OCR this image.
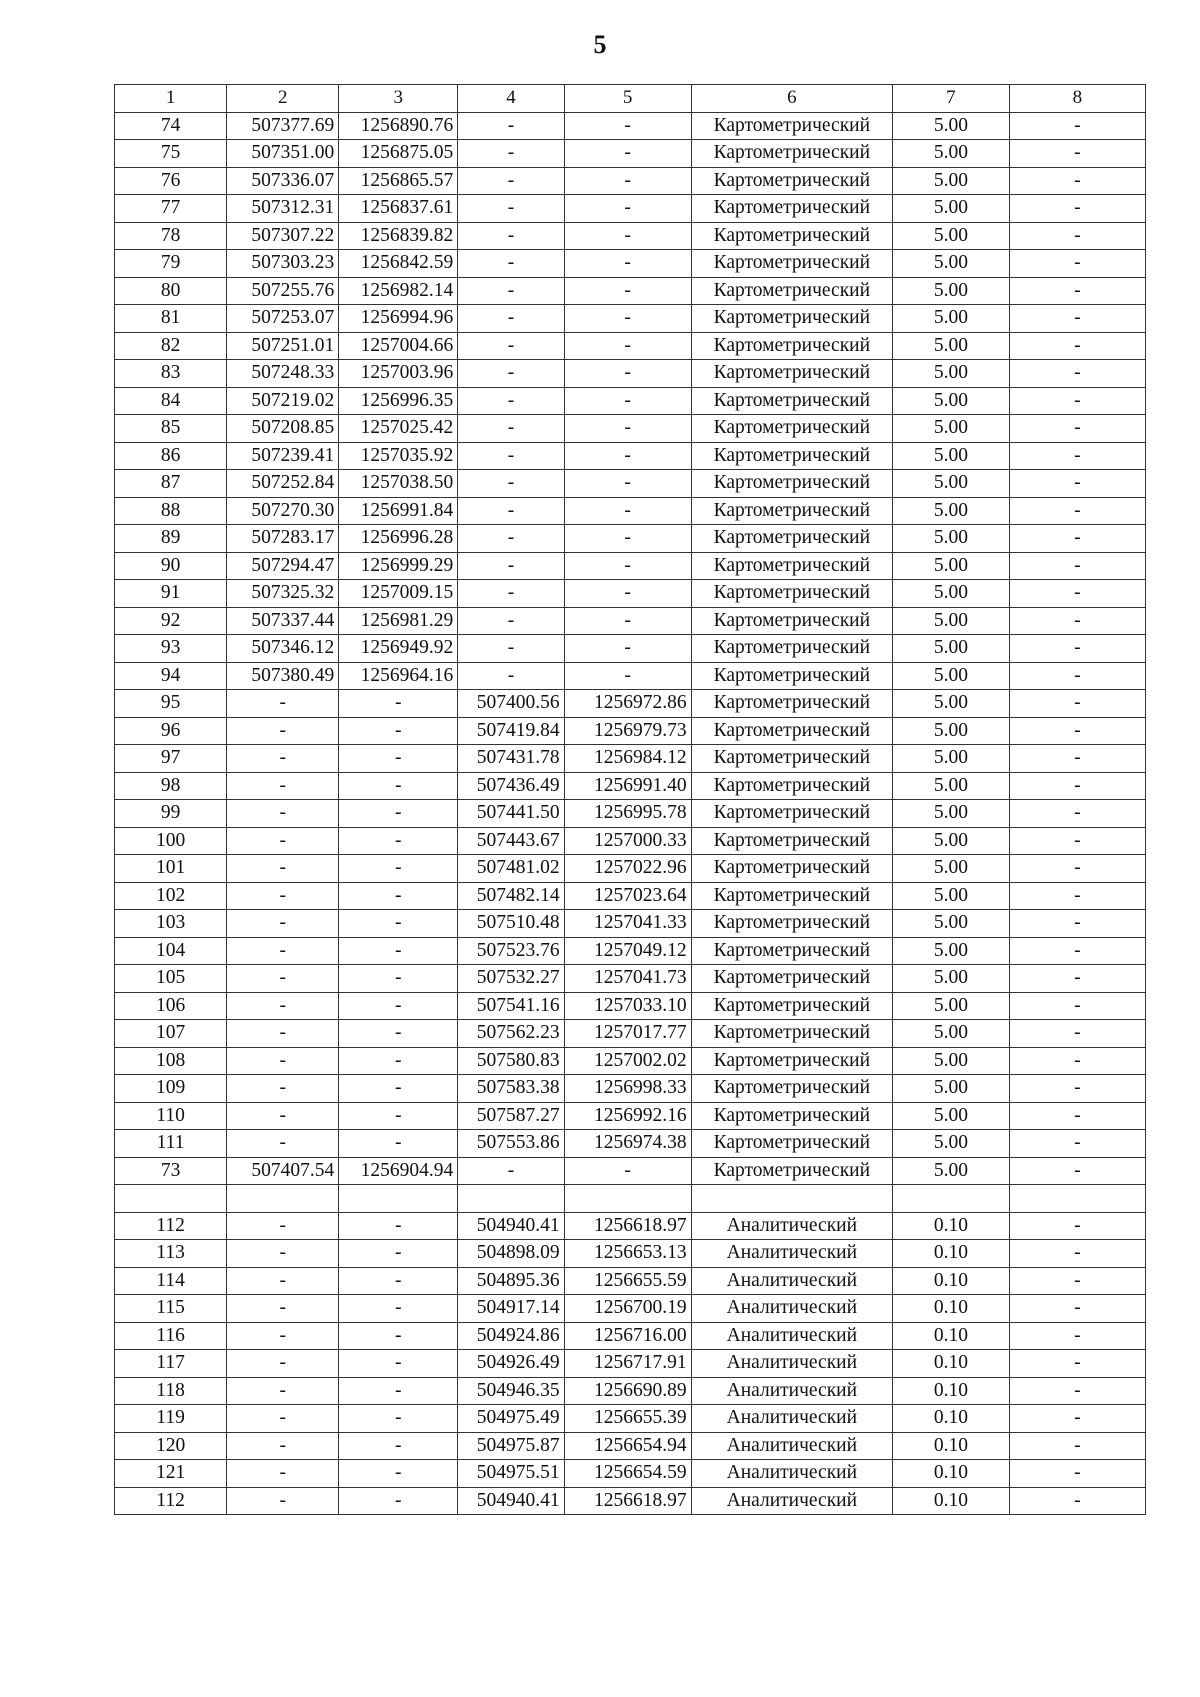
5
1	2	3	4	5	6	7	8
74	507377.69	1256890.76	-	-	Картометрический	5.00	-
75	507351.00	1256875.05	-	-	Картометрический	5.00	-
76	507336.07	1256865.57	-	-	Картометрический	5.00	-
77	507312.31	1256837.61	-	-	Картометрический	5.00	-
78	507307.22	1256839.82	-	-	Картометрический	5.00	-
79	507303.23	1256842.59	-	-	Картометрический	5.00	-
80	507255.76	1256982.14	-	-	Картометрический	5.00	-
81	507253.07	1256994.96	-	-	Картометрический	5.00	-
82	507251.01	1257004.66	-	-	Картометрический	5.00	-
83	507248.33	1257003.96	-	-	Картометрический	5.00	-
84	507219.02	1256996.35	-	-	Картометрический	5.00	-
85	507208.85	1257025.42	-	-	Картометрический	5.00	-
86	507239.41	1257035.92	-	-	Картометрический	5.00	-
87	507252.84	1257038.50	-	-	Картометрический	5.00	-
88	507270.30	1256991.84	-	-	Картометрический	5.00	-
89	507283.17	1256996.28	-	-	Картометрический	5.00	-
90	507294.47	1256999.29	-	-	Картометрический	5.00	-
91	507325.32	1257009.15	-	-	Картометрический	5.00	-
92	507337.44	1256981.29	-	-	Картометрический	5.00	-
93	507346.12	1256949.92	-	-	Картометрический	5.00	-
94	507380.49	1256964.16	-	-	Картометрический	5.00	-
95	-	-	507400.56	1256972.86	Картометрический	5.00	-
96	-	-	507419.84	1256979.73	Картометрический	5.00	-
97	-	-	507431.78	1256984.12	Картометрический	5.00	-
98	-	-	507436.49	1256991.40	Картометрический	5.00	-
99	-	-	507441.50	1256995.78	Картометрический	5.00	-
100	-	-	507443.67	1257000.33	Картометрический	5.00	-
101	-	-	507481.02	1257022.96	Картометрический	5.00	-
102	-	-	507482.14	1257023.64	Картометрический	5.00	-
103	-	-	507510.48	1257041.33	Картометрический	5.00	-
104	-	-	507523.76	1257049.12	Картометрический	5.00	-
105	-	-	507532.27	1257041.73	Картометрический	5.00	-
106	-	-	507541.16	1257033.10	Картометрический	5.00	-
107	-	-	507562.23	1257017.77	Картометрический	5.00	-
108	-	-	507580.83	1257002.02	Картометрический	5.00	-
109	-	-	507583.38	1256998.33	Картометрический	5.00	-
110	-	-	507587.27	1256992.16	Картометрический	5.00	-
111	-	-	507553.86	1256974.38	Картометрический	5.00	-
73	507407.54	1256904.94	-	-	Картометрический	5.00	-

112	-	-	504940.41	1256618.97	Аналитический	0.10	-
113	-	-	504898.09	1256653.13	Аналитический	0.10	-
114	-	-	504895.36	1256655.59	Аналитический	0.10	-
115	-	-	504917.14	1256700.19	Аналитический	0.10	-
116	-	-	504924.86	1256716.00	Аналитический	0.10	-
117	-	-	504926.49	1256717.91	Аналитический	0.10	-
118	-	-	504946.35	1256690.89	Аналитический	0.10	-
119	-	-	504975.49	1256655.39	Аналитический	0.10	-
120	-	-	504975.87	1256654.94	Аналитический	0.10	-
121	-	-	504975.51	1256654.59	Аналитический	0.10	-
112	-	-	504940.41	1256618.97	Аналитический	0.10	-
